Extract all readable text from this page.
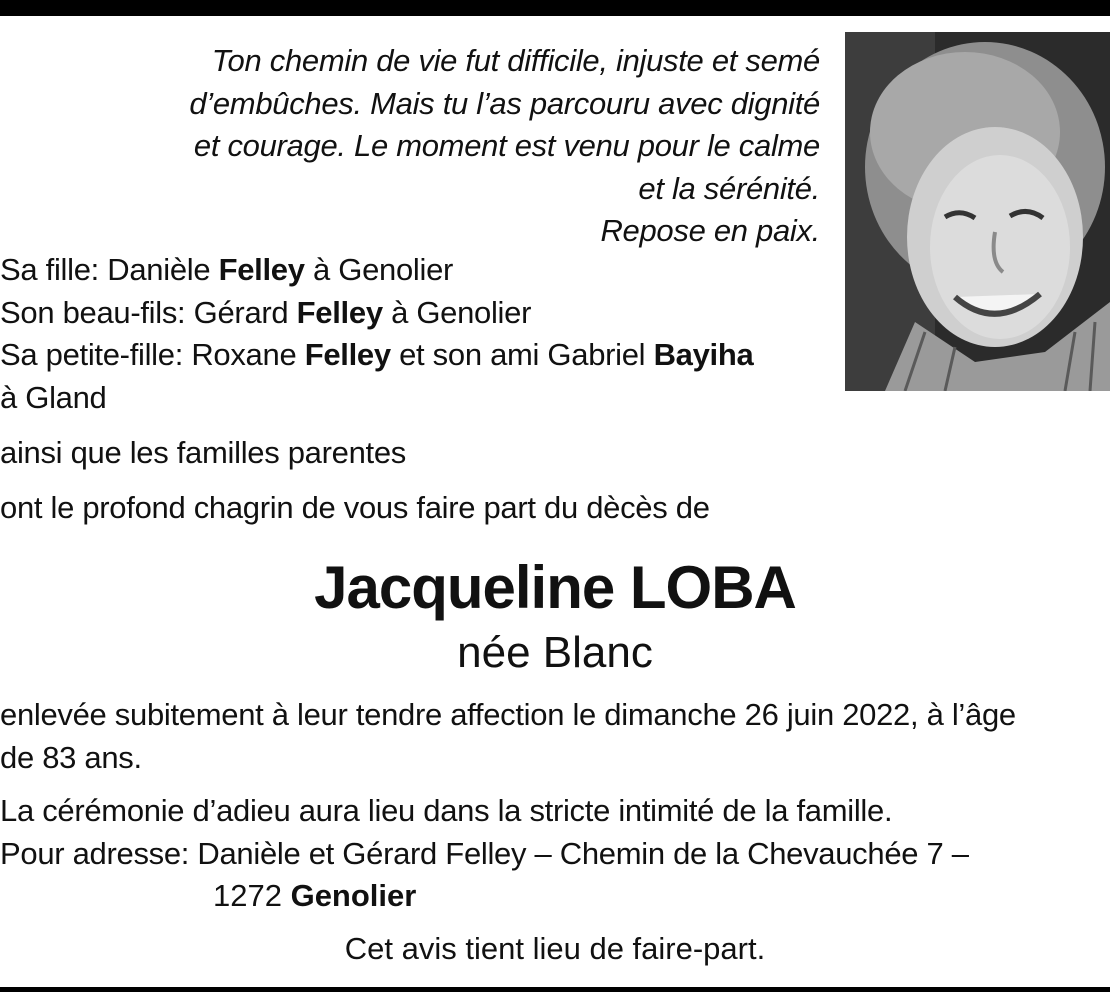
Ton chemin de vie fut difficile, injuste et semé
d’embûches. Mais tu l’as parcouru avec dignité
et courage. Le moment est venu pour le calme
et la sérénité.
Repose en paix.
Sa fille: Danièle Felley à Genolier
Son beau-fils: Gérard Felley à Genolier
Sa petite-fille: Roxane Felley et son ami Gabriel Bayiha
à Gland
ainsi que les familles parentes
ont le profond chagrin de vous faire part du dècès de
Jacqueline LOBA
née Blanc
enlevée subitement à leur tendre affection le dimanche 26 juin 2022, à l’âge
de 83 ans.
La cérémonie d’adieu aura lieu dans la stricte intimité de la famille.
Pour adresse: Danièle et Gérard Felley – Chemin de la Chevauchée 7 –
1272 Genolier
Cet avis tient lieu de faire-part.
